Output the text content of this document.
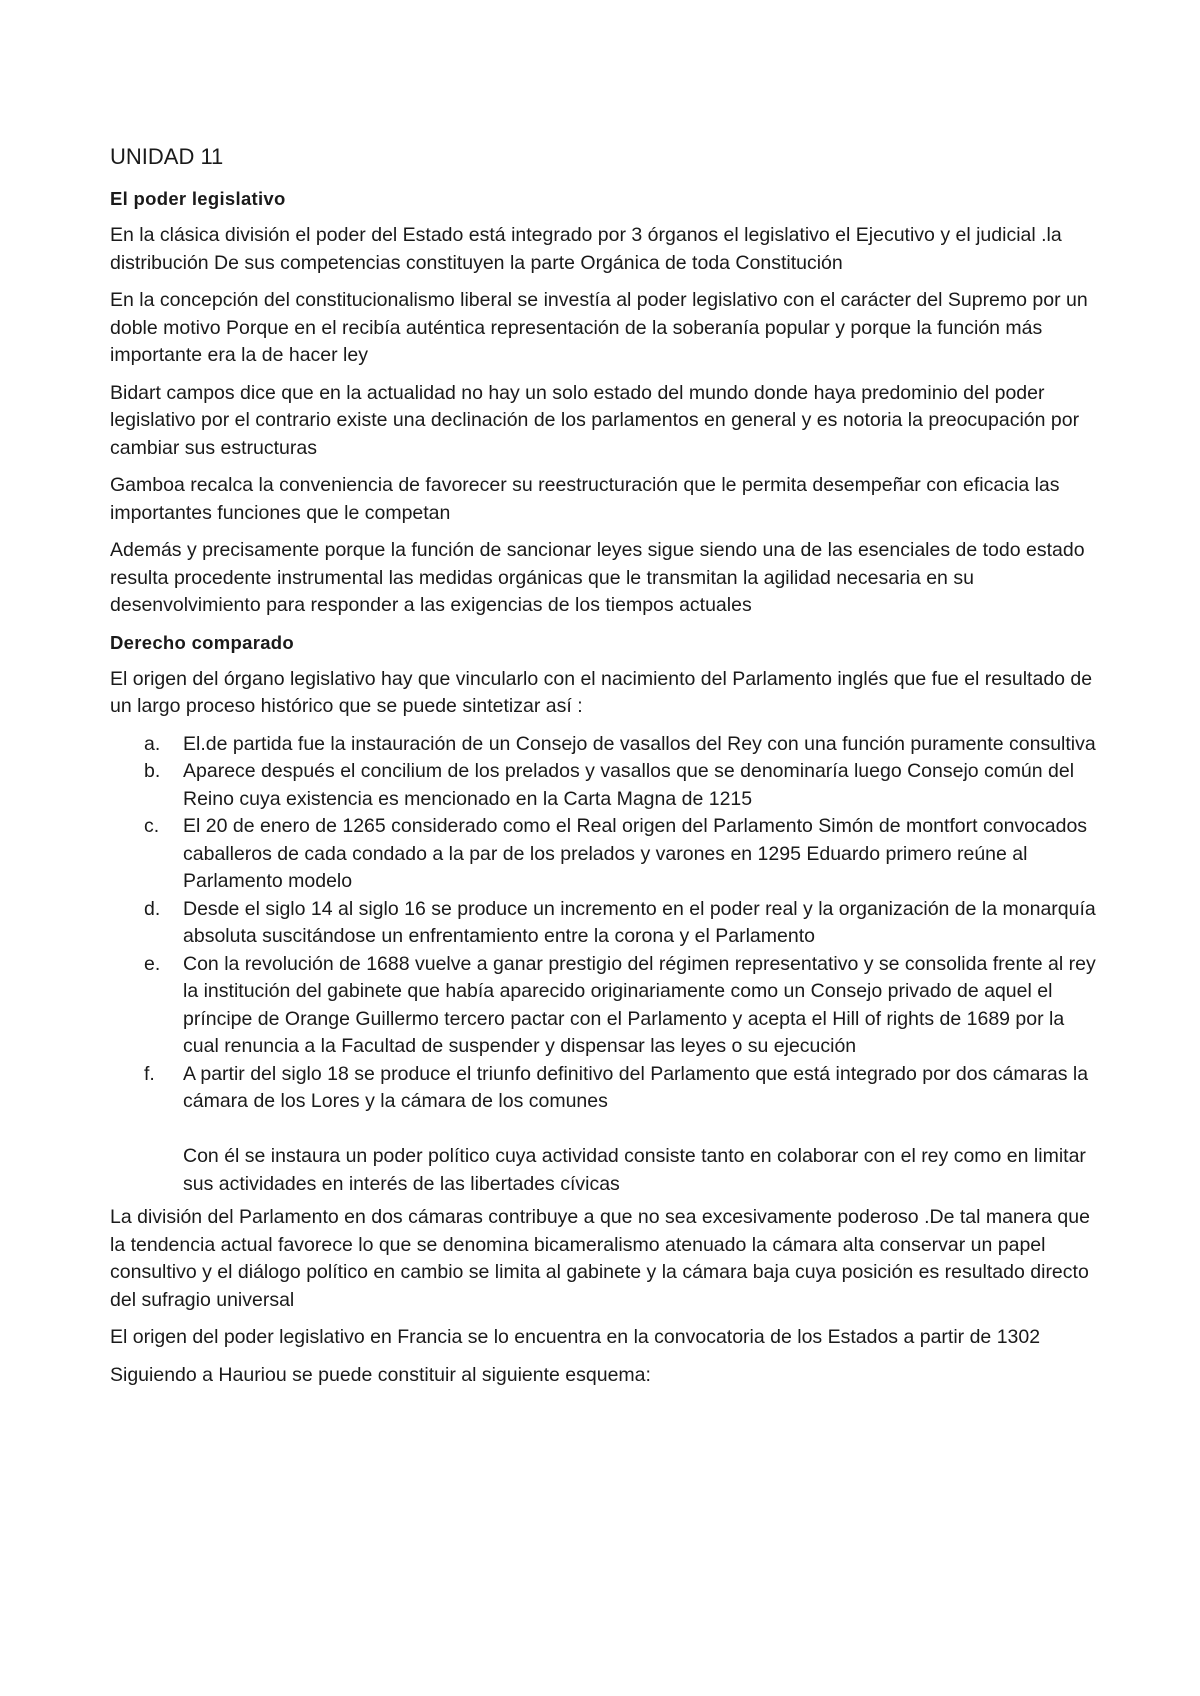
UNIDAD 11
El poder legislativo

En la clásica división el poder del Estado está integrado por 3 órganos el legislativo el Ejecutivo y el judicial .la distribución De sus competencias constituyen la parte Orgánica de toda Constitución

En la concepción del constitucionalismo liberal se investía al poder legislativo con el carácter del Supremo por un doble motivo Porque en el recibía auténtica representación de la soberanía popular y porque la función más importante era la de hacer ley

Bidart campos dice que en la actualidad no hay un solo estado del mundo donde haya predominio del poder legislativo por el contrario existe una declinación de los parlamentos en general y es notoria la preocupación por cambiar sus estructuras

Gamboa recalca la conveniencia de favorecer su reestructuración que le permita desempeñar con eficacia las importantes funciones que le competan

Además y precisamente porque la función de sancionar leyes sigue siendo una de las esenciales de todo estado resulta procedente instrumental las medidas orgánicas que le transmitan la agilidad necesaria en su desenvolvimiento para responder a las exigencias de los tiempos actuales

Derecho comparado

El origen del órgano legislativo hay que vincularlo con el nacimiento del Parlamento inglés que fue el resultado de un largo proceso histórico que se puede sintetizar así :

a. El.de partida fue la instauración de un Consejo de vasallos del Rey con una función puramente consultiva
b. Aparece después el concilium de los prelados y vasallos que se denominaría luego Consejo común del Reino cuya existencia es mencionado en la Carta Magna de 1215
c. El 20 de enero de 1265 considerado como el Real origen del Parlamento Simón de montfort convocados caballeros de cada condado a la par de los prelados y varones en 1295 Eduardo primero reúne al Parlamento modelo
d. Desde el siglo 14 al siglo 16 se produce un incremento en el poder real y la organización de la monarquía absoluta suscitándose un enfrentamiento entre la corona y el Parlamento
e. Con la revolución de 1688 vuelve a ganar prestigio del régimen representativo y se consolida frente al rey la institución del gabinete que había aparecido originariamente como un Consejo privado de aquel el príncipe de Orange Guillermo tercero pactar con el Parlamento y acepta el Hill of rights de 1689 por la cual renuncia a la Facultad de suspender y dispensar las leyes o su ejecución
f. A partir del siglo 18 se produce el triunfo definitivo del Parlamento que está integrado por dos cámaras la cámara de los Lores y la cámara de los comunes
Con él se instaura un poder político cuya actividad consiste tanto en colaborar con el rey como en limitar sus actividades en interés de las libertades cívicas

La división del Parlamento en dos cámaras contribuye a que no sea excesivamente poderoso .De tal manera que la tendencia actual favorece lo que se denomina bicameralismo atenuado la cámara alta conservar un papel consultivo y el diálogo político en cambio se limita al gabinete y la cámara baja cuya posición es resultado directo del sufragio universal

El origen del poder legislativo en Francia se lo encuentra en la convocatoria de los Estados a partir de 1302

Siguiendo a Hauriou se puede constituir al siguiente esquema:
